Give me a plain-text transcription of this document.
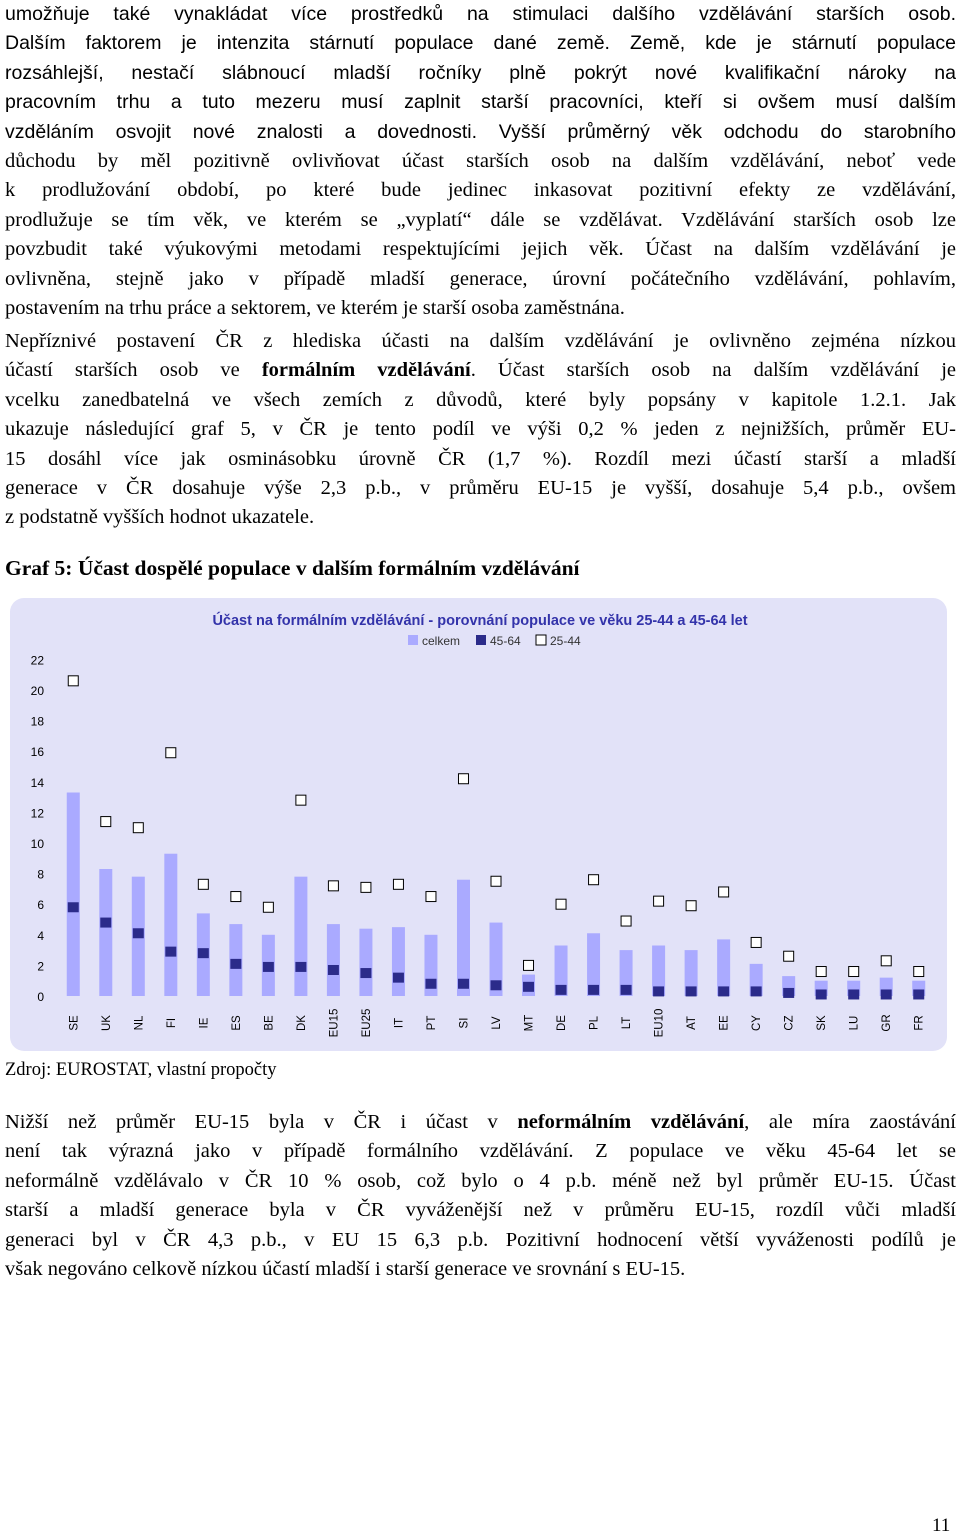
umožňuje také vynakládat více prostředků na stimulaci dalšího vzdělávání starších osob.
Dalším faktorem je intenzita stárnutí populace dané země. Země, kde je stárnutí populace
rozsáhlejší, nestačí slábnoucí mladší ročníky plně pokrýt nové kvalifikační nároky na
pracovním trhu a tuto mezeru musí zaplnit starší pracovníci, kteří si ovšem musí dalším
vzděláním osvojit nové znalosti a dovednosti. Vyšší průměrný věk odchodu do starobního
důchodu by měl pozitivně ovlivňovat účast starších osob na dalším vzdělávání, neboť vede
k prodlužování období, po které bude jedinec inkasovat pozitivní efekty ze vzdělávání,
prodlužuje se tím věk, ve kterém se „vyplatí“ dále se vzdělávat. Vzdělávání starších osob lze
povzbudit také výukovými metodami respektujícími jejich věk. Účast na dalším vzdělávání je
ovlivněna, stejně jako v případě mladší generace, úrovní počátečního vzdělávání, pohlavím,
postavením na trhu práce a sektorem, ve kterém je starší osoba zaměstnána.
Nepříznivé postavení ČR z hlediska účasti na dalším vzdělávání je ovlivněno zejména nízkou
účastí starších osob ve formálním vzdělávání. Účast starších osob na dalším vzdělávání je
vcelku zanedbatelná ve všech zemích z důvodů, které byly popsány v kapitole 1.2.1. Jak
ukazuje následující graf 5, v ČR je tento podíl ve výši 0,2 % jeden z nejnižších, průměr EU-
15 dosáhl více jak osminásobku úrovně ČR (1,7 %). Rozdíl mezi účastí starší a mladší
generace v ČR dosahuje výše 2,3 p.b., v průměru EU-15 je vyšší, dosahuje 5,4 p.b., ovšem
z podstatně vyšších hodnot ukazatele.

Graf 5: Účast dospělé populace v dalším formálním vzdělávání

Účast na formálním vzdělávání - porovnání populace ve věku 25-44 a 45-64 let
celkem 45-64 25-44
0
2
4
6
8
10
12
14
16
18
20
22
SE UK NL FI IE ES BE DK EU15 EU25 IT PT SI LV MT DE PL LT EU10 AT EE CY CZ SK LU GR FR

Zdroj: EUROSTAT, vlastní propočty

Nižší než průměr EU-15 byla v ČR i účast v neformálním vzdělávání, ale míra zaostávání
není tak výrazná jako v případě formálního vzdělávání. Z populace ve věku 45-64 let se
neformálně vzdělávalo v ČR 10 % osob, což bylo o 4 p.b. méně než byl průměr EU-15. Účast
starší a mladší generace byla v ČR vyváženější než v průměru EU-15, rozdíl vůči mladší
generaci byl v ČR 4,3 p.b., v EU 15 6,3 p.b. Pozitivní hodnocení větší vyváženosti podílů je
však negováno celkově nízkou účastí mladší i starší generace ve srovnání s EU-15.

11
